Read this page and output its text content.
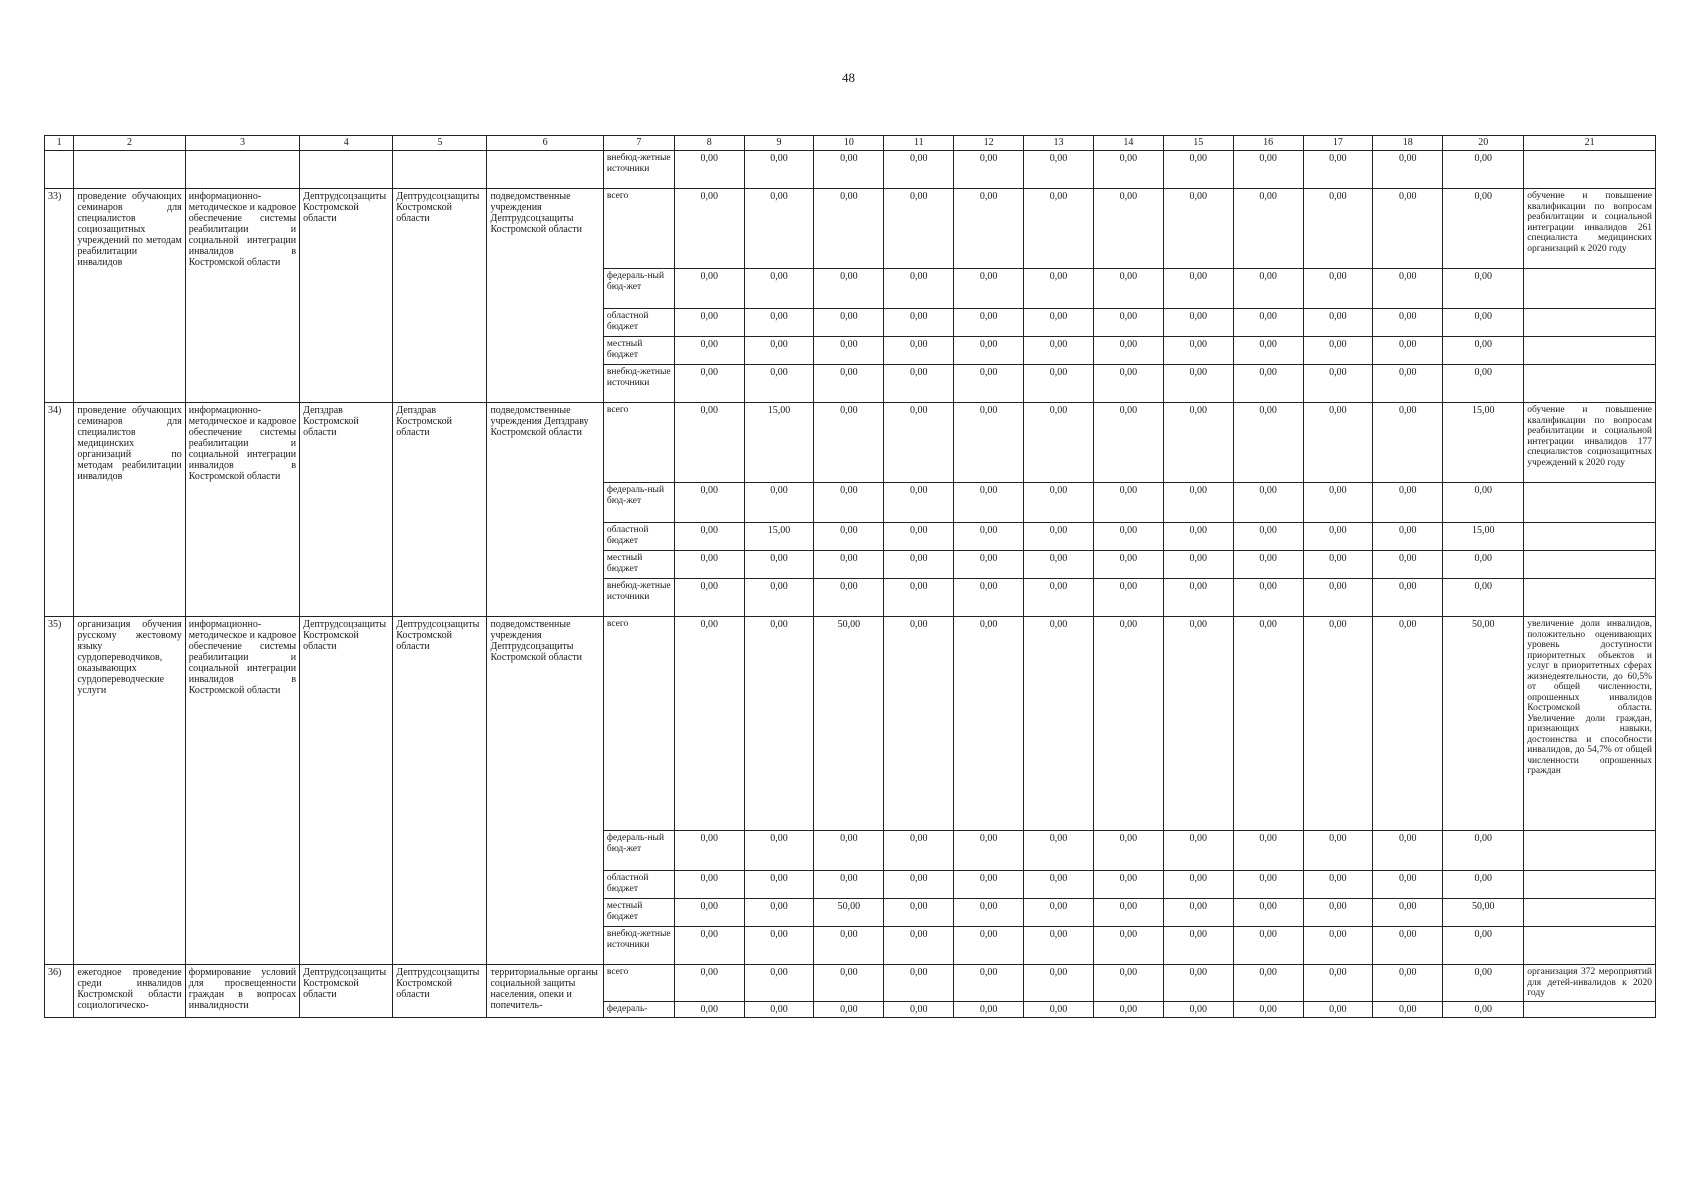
48
1	2	3	4	5	6	7	8	9	10	11	12	13	14	15	16	17	18	20	21
						внебюд-жетные источники	0,00	0,00	0,00	0,00	0,00	0,00	0,00	0,00	0,00	0,00	0,00	0,00	
33)	проведение обучающих семинаров для специалистов социозащитных учреждений по методам реабилитации инвалидов	информационно-методическое и кадровое обеспечение системы реабилитации и социальной интеграции инвалидов в Костромской области	Дептрудсоцзащиты Костромской области	Дептрудсоцзащиты Костромской области	подведомственные учреждения Дептрудсоцзащиты Костромской области	всего	0,00	0,00	0,00	0,00	0,00	0,00	0,00	0,00	0,00	0,00	0,00	0,00	обучение и повышение квалификации по вопросам реабилитации и социальной интеграции инвалидов 261 специалиста медицинских организаций к 2020 году
						федераль-ный бюд-жет	0,00	0,00	0,00	0,00	0,00	0,00	0,00	0,00	0,00	0,00	0,00	0,00	
						областной бюджет	0,00	0,00	0,00	0,00	0,00	0,00	0,00	0,00	0,00	0,00	0,00	0,00	
						местный бюджет	0,00	0,00	0,00	0,00	0,00	0,00	0,00	0,00	0,00	0,00	0,00	0,00	
						внебюд-жетные источники	0,00	0,00	0,00	0,00	0,00	0,00	0,00	0,00	0,00	0,00	0,00	0,00	
34)	проведение обучающих семинаров для специалистов медицинских организаций по методам реабилитации инвалидов	информационно-методическое и кадровое обеспечение системы реабилитации и социальной интеграции инвалидов в Костромской области	Депздрав Костромской области	Депздрав Костромской области	подведомственные учреждения Депздраву Костромской области	всего	0,00	15,00	0,00	0,00	0,00	0,00	0,00	0,00	0,00	0,00	0,00	15,00	обучение и повышение квалификации по вопросам реабилитации и социальной интеграции инвалидов 177 специалистов социозащитных учреждений к 2020 году
						федераль-ный бюд-жет	0,00	0,00	0,00	0,00	0,00	0,00	0,00	0,00	0,00	0,00	0,00	0,00	
						областной бюджет	0,00	15,00	0,00	0,00	0,00	0,00	0,00	0,00	0,00	0,00	0,00	15,00	
						местный бюджет	0,00	0,00	0,00	0,00	0,00	0,00	0,00	0,00	0,00	0,00	0,00	0,00	
						внебюд-жетные источники	0,00	0,00	0,00	0,00	0,00	0,00	0,00	0,00	0,00	0,00	0,00	0,00	
35)	организация обучения русскому жестовому языку сурдопереводчиков, оказывающих сурдопереводческие услуги	информационно-методическое и кадровое обеспечение системы реабилитации и социальной интеграции инвалидов в Костромской области	Дептрудсоцзащиты Костромской области	Дептрудсоцзащиты Костромской области	подведомственные учреждения Дептрудсоцзащиты Костромской области	всего	0,00	0,00	50,00	0,00	0,00	0,00	0,00	0,00	0,00	0,00	0,00	50,00	увеличение доли инвалидов, положительно оценивающих уровень доступности приоритетных объектов и услуг в приоритетных сферах жизнедеятельности, до 60,5% от общей численности, опрошенных инвалидов Костромской области. Увеличение доли граждан, признающих навыки, достоинства и способности инвалидов, до 54,7% от общей численности опрошенных граждан
						федераль-ный бюд-жет	0,00	0,00	0,00	0,00	0,00	0,00	0,00	0,00	0,00	0,00	0,00	0,00	
						областной бюджет	0,00	0,00	0,00	0,00	0,00	0,00	0,00	0,00	0,00	0,00	0,00	0,00	
						местный бюджет	0,00	0,00	50,00	0,00	0,00	0,00	0,00	0,00	0,00	0,00	0,00	50,00	
						внебюд-жетные источники	0,00	0,00	0,00	0,00	0,00	0,00	0,00	0,00	0,00	0,00	0,00	0,00	
36)	ежегодное проведение среди инвалидов Костромской области социологическо-	формирование условий для просвещенности граждан в вопросах инвалидности	Дептрудсоцзащиты Костромской области	Дептрудсоцзащиты Костромской области	территориальные органы социальной защиты населения, опеки и попечитель-	всего	0,00	0,00	0,00	0,00	0,00	0,00	0,00	0,00	0,00	0,00	0,00	0,00	организация 372 мероприятий для детей-инвалидов к 2020 году
						федераль-	0,00	0,00	0,00	0,00	0,00	0,00	0,00	0,00	0,00	0,00	0,00	0,00	
